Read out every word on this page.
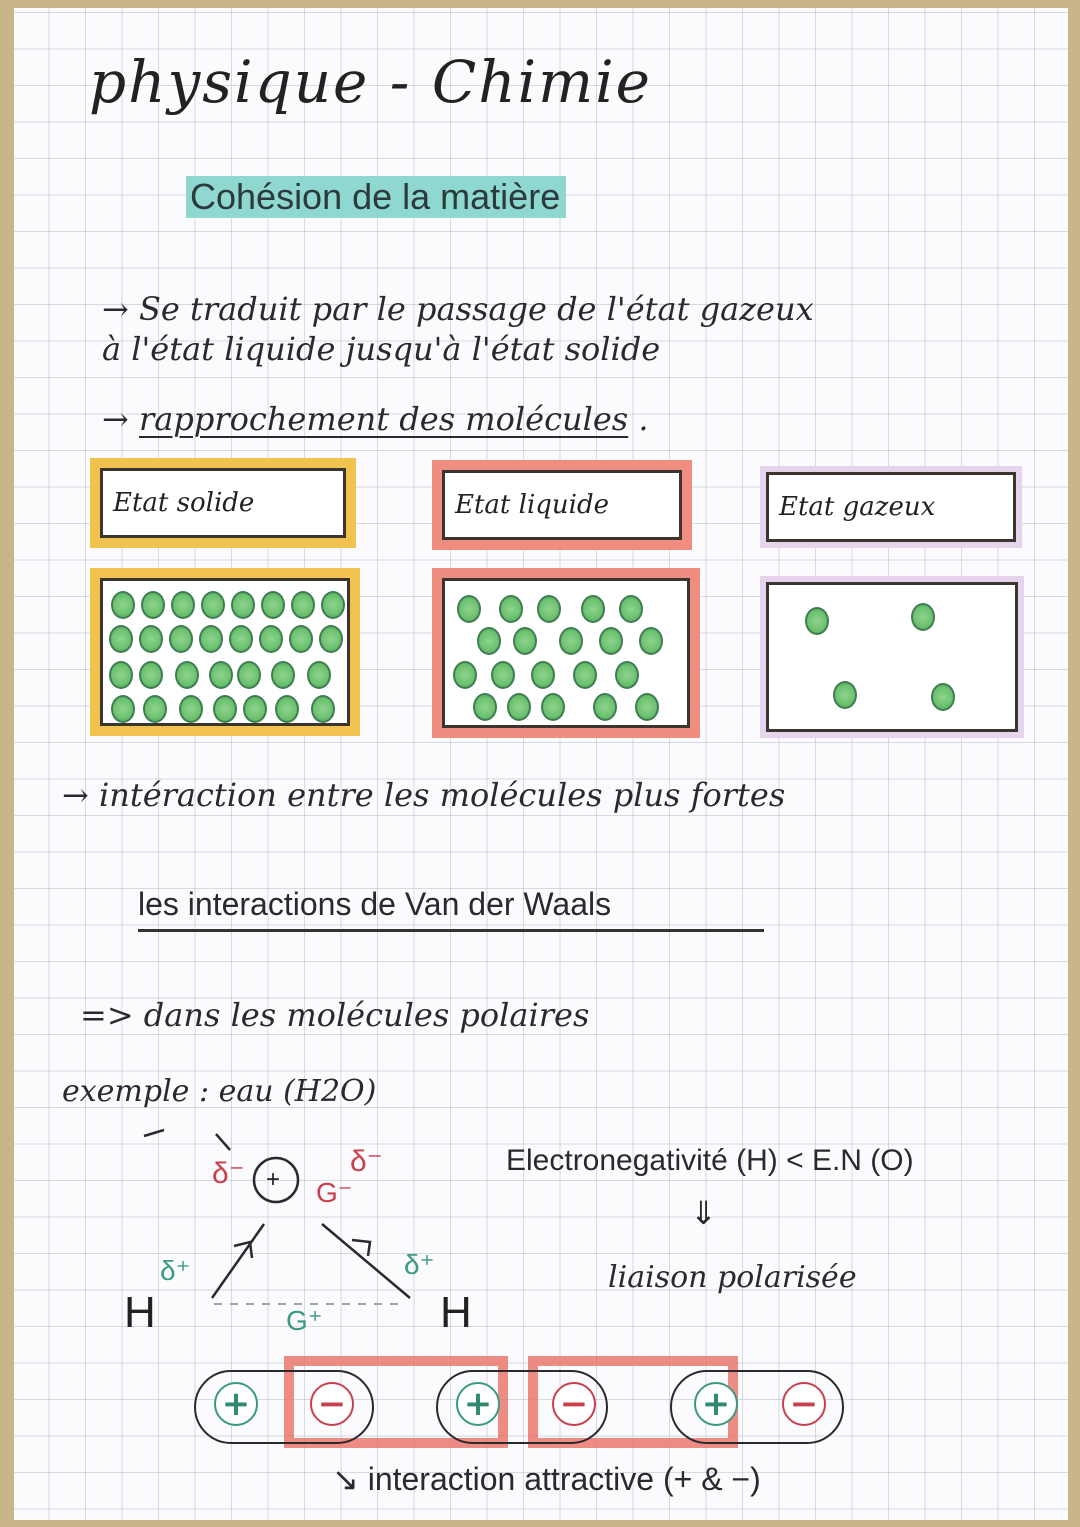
physique - Chimie
Cohésion de la matière
→ Se traduit par le passage de l'état gazeux
à l'état liquide jusqu'à l'état solide
→ rapprochement des molécules .
Etat solide	Etat liquide	Etat gazeux
→ intéraction entre les molécules plus fortes
les interactions de Van der Waals
=> dans les molécules polaires
exemple : eau (H2O)
+
δ⁻	δ⁻
G⁻
δ⁺	δ⁺
G⁺
H	H
Electronegativité (H) < E.N (O)
⇓
liaison polarisée
+ −	+ −	+ −
↘ interaction attractive (+ & −)
